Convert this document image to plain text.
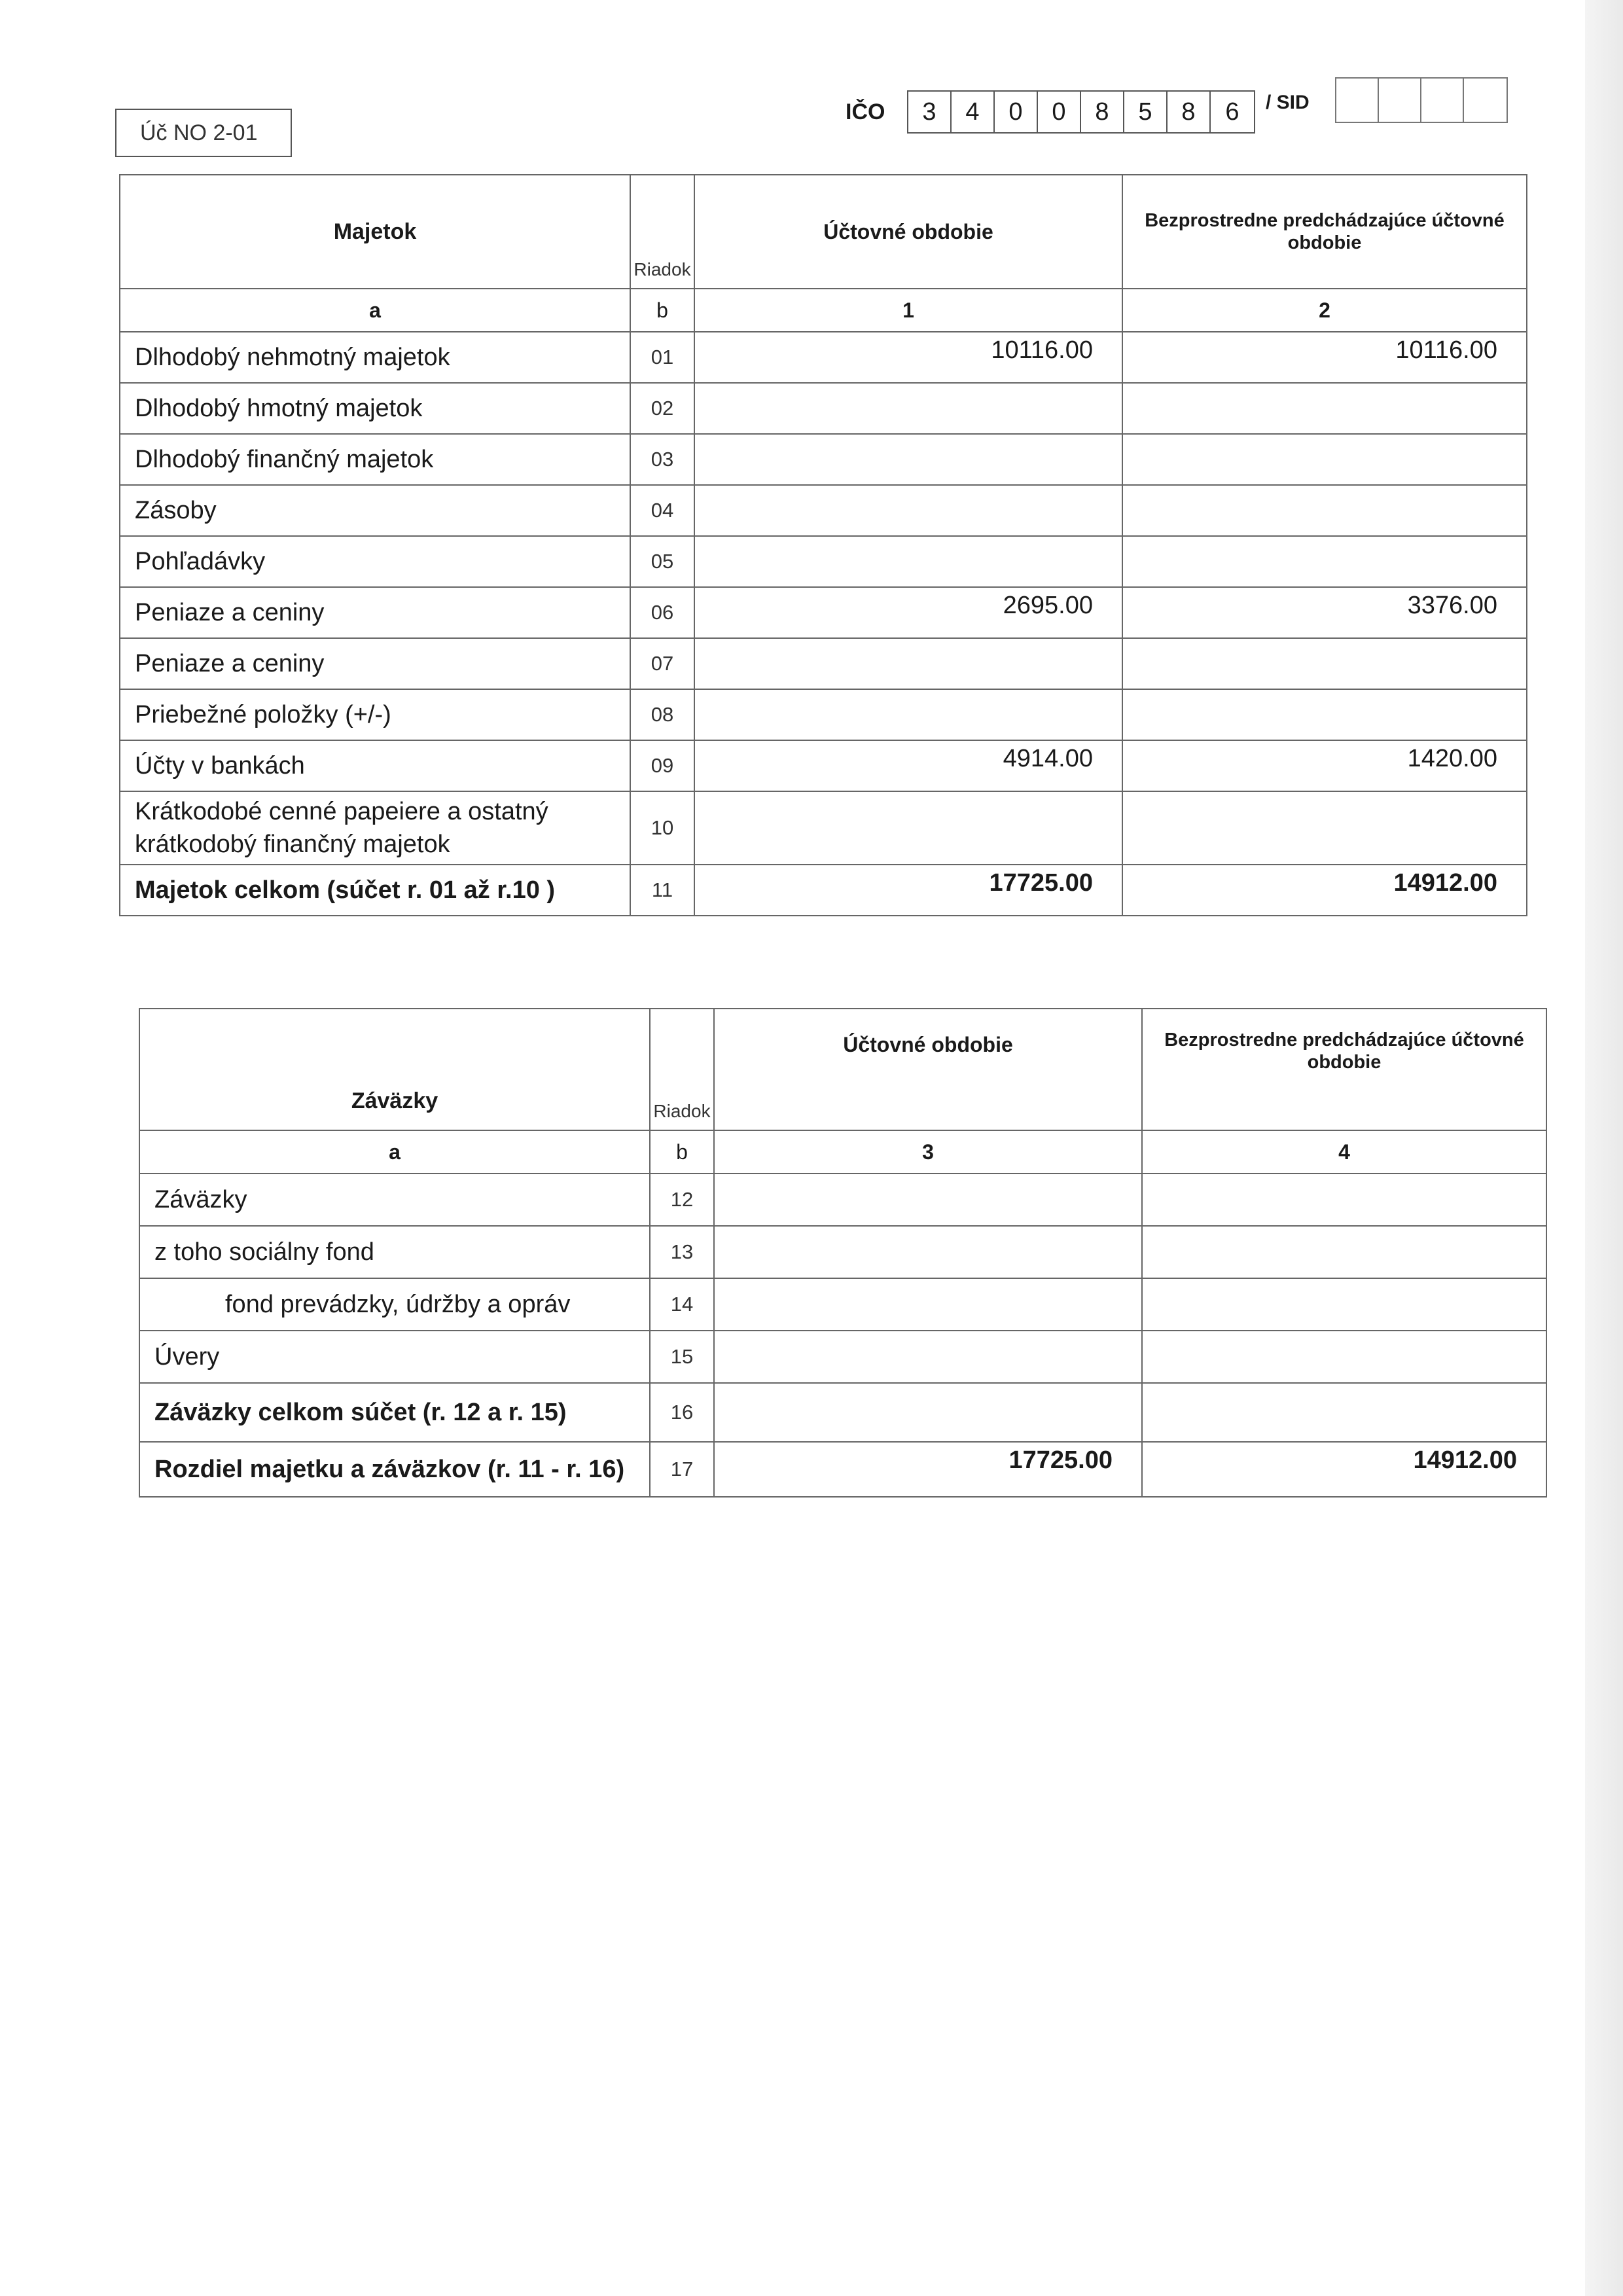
Úč NO 2-01
IČO	3	4	0	0	8	5	8	6	/ SID
Majetok	Riadok	Účtovné obdobie	Bezprostredne predchádzajúce účtovné obdobie
a	b	1	2
Dlhodobý nehmotný majetok	01	10116.00	10116.00
Dlhodobý hmotný majetok	02		
Dlhodobý finančný majetok	03		
Zásoby	04		
Pohľadávky	05		
Peniaze a ceniny	06	2695.00	3376.00
Peniaze a ceniny	07		
Priebežné položky (+/-)	08		
Účty v bankách	09	4914.00	1420.00
Krátkodobé cenné papeiere a ostatný krátkodobý finančný majetok	10		
Majetok celkom (súčet r. 01 až r.10 )	11	17725.00	14912.00
Záväzky	Riadok	Účtovné obdobie	Bezprostredne predchádzajúce účtovné obdobie
a	b	3	4
Záväzky	12		
z toho sociálny fond	13		
fond prevádzky, údržby a opráv	14		
Úvery	15		
Záväzky celkom súčet (r. 12 a r. 15)	16		
Rozdiel majetku a záväzkov (r. 11 - r. 16)	17	17725.00	14912.00
